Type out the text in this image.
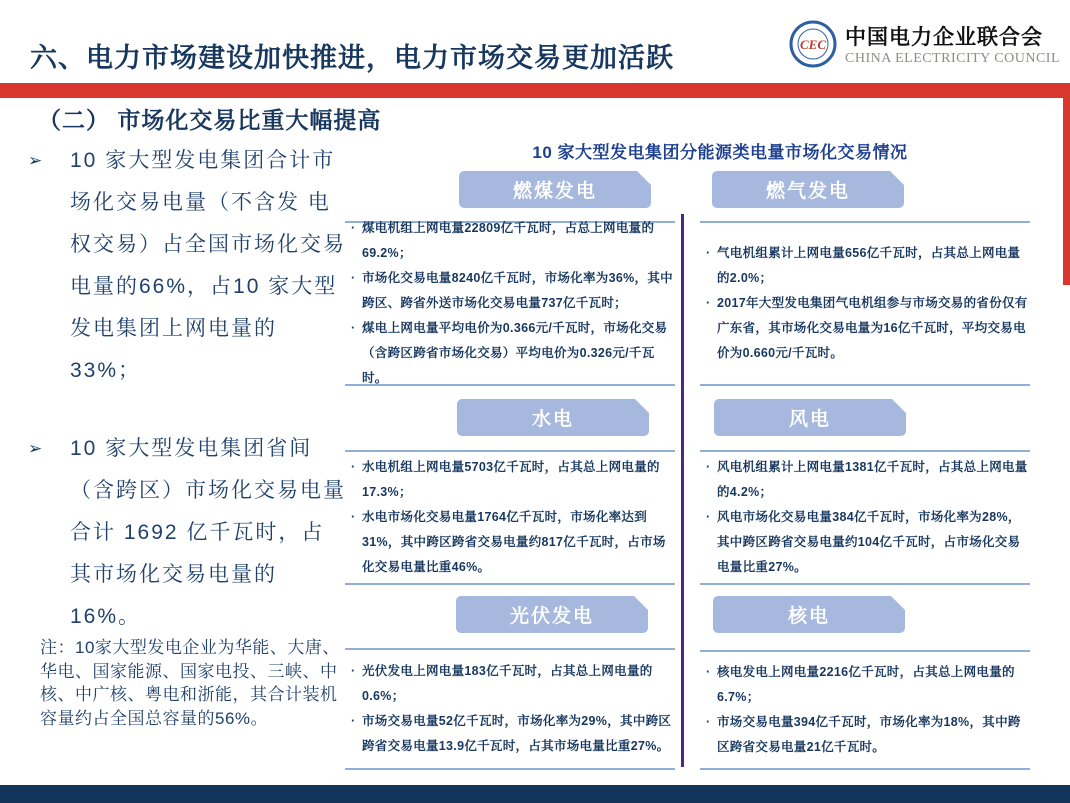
六、电力市场建设加快推进，电力市场交易更加活跃	CEC 中国电力企业联合会
CHINA ELECTRICITY COUNCIL
（二） 市场化交易比重大幅提高
➢	10 家大型发电集团合计市场化交易电量（不含发 电权交易）占全国市场化交易电量的66%，占10 家大型发电集团上网电量的33%；
➢	10 家大型发电集团省间（含跨区）市场化交易电量合计 1692 亿千瓦时，占其市场化交易电量的 16%。
注：10家大型发电企业为华能、大唐、华电、国家能源、国家电投、三峡、中核、中广核、粤电和浙能，其合计装机容量约占全国总容量的56%。
10 家大型发电集团分能源类电量市场化交易情况
燃煤发电
· 煤电机组上网电量22809亿千瓦时，占总上网电量的69.2%；
· 市场化交易电量8240亿千瓦时，市场化率为36%，其中跨区、跨省外送市场化交易电量737亿千瓦时；
· 煤电上网电量平均电价为0.366元/千瓦时，市场化交易（含跨区跨省市场化交易）平均电价为0.326元/千瓦时。
燃气发电
· 气电机组累计上网电量656亿千瓦时，占其总上网电量的2.0%；
· 2017年大型发电集团气电机组参与市场交易的省份仅有广东省，其市场化交易电量为16亿千瓦时，平均交易电价为0.660元/千瓦时。
水电
· 水电机组上网电量5703亿千瓦时，占其总上网电量的17.3%；
· 水电市场化交易电量1764亿千瓦时，市场化率达到31%，其中跨区跨省交易电量约817亿千瓦时，占市场化交易电量比重46%。
风电
· 风电机组累计上网电量1381亿千瓦时，占其总上网电量的4.2%；
· 风电市场化交易电量384亿千瓦时，市场化率为28%，其中跨区跨省交易电量约104亿千瓦时，占市场化交易电量比重27%。
光伏发电
· 光伏发电上网电量183亿千瓦时，占其总上网电量的0.6%；
· 市场交易电量52亿千瓦时，市场化率为29%，其中跨区跨省交易电量13.9亿千瓦时，占其市场电量比重27%。
核电
· 核电发电上网电量2216亿千瓦时，占其总上网电量的6.7%；
· 市场交易电量394亿千瓦时，市场化率为18%，其中跨区跨省交易电量21亿千瓦时。
